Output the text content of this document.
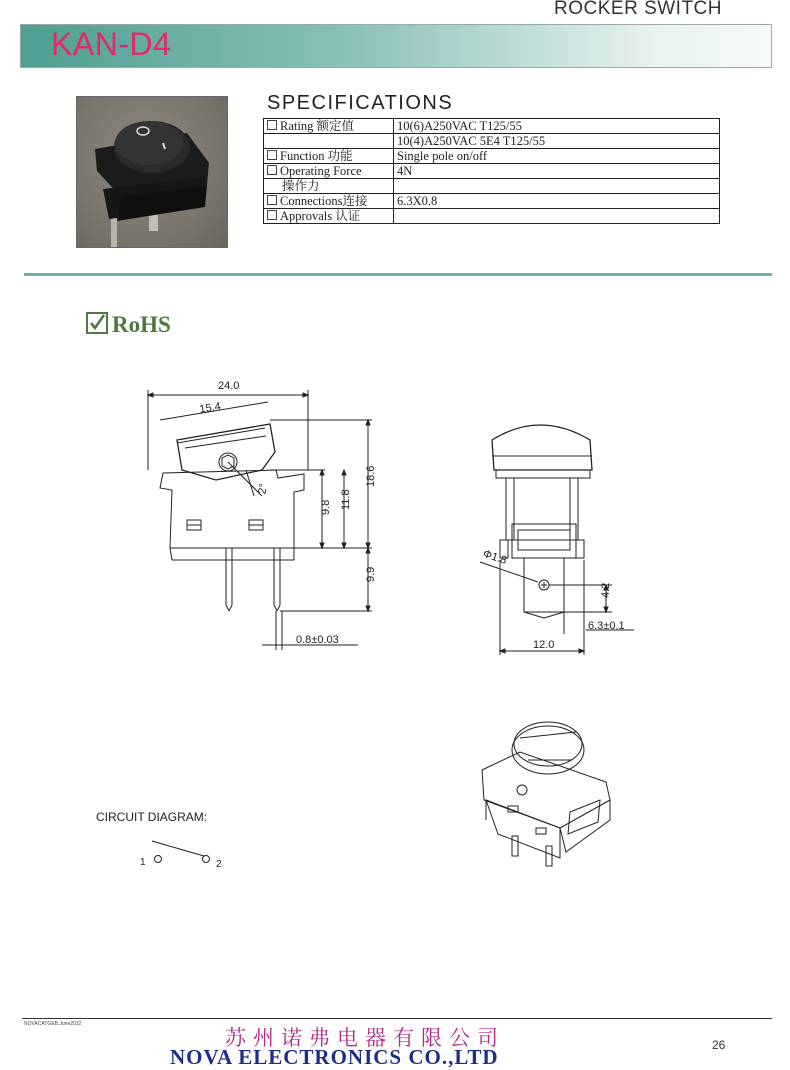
ROCKER SWITCH
KAN-D4
SPECIFICATIONS
Rating 额定值	10(6)A250VAC T125/55
	10(4)A250VAC 5E4 T125/55
Function 功能	Single pole on/off
Operating Force	4N
操作力	
Connections连接	6.3X0.8
Approvals 认证	
RoHS
24.0
15.4
2°
9.8 11.8
18.6
9.9
0.8±0.03
Φ1.8
4.2
6.3±0.1
12.0
1	2
CIRCUIT DIAGRAM:
NOVACATGEB,June2012
苏州诺弗电器有限公司
NOVA ELECTRONICS CO.,LTD	26
